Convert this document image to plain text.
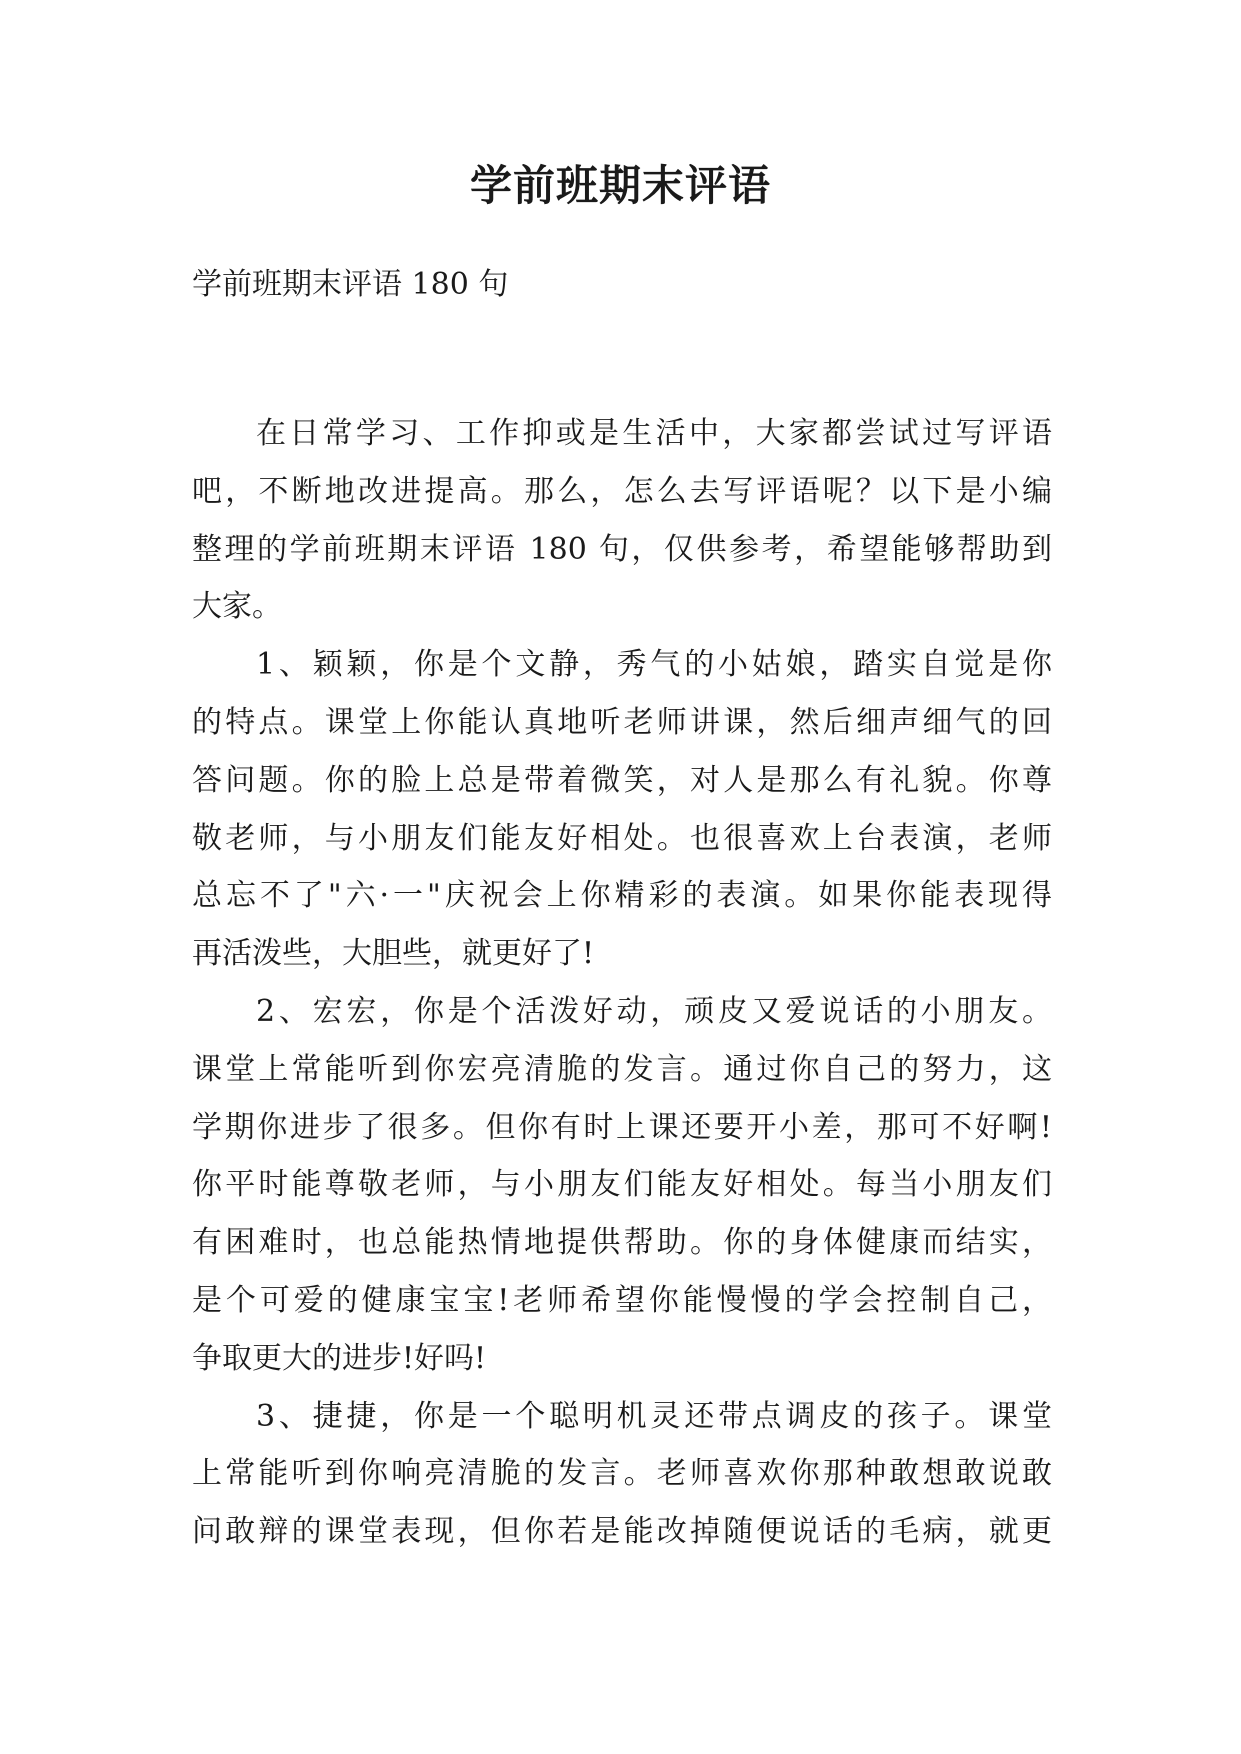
学前班期末评语

学前班期末评语 180 句

在日常学习、工作抑或是生活中，大家都尝试过写评语
吧，不断地改进提高。那么，怎么去写评语呢？以下是小编
整理的学前班期末评语 180 句，仅供参考，希望能够帮助到
大家。

1、颖颖，你是个文静，秀气的小姑娘，踏实自觉是你
的特点。课堂上你能认真地听老师讲课，然后细声细气的回
答问题。你的脸上总是带着微笑，对人是那么有礼貌。你尊
敬老师，与小朋友们能友好相处。也很喜欢上台表演，老师
总忘不了"六·一"庆祝会上你精彩的表演。如果你能表现得
再活泼些，大胆些，就更好了!

2、宏宏，你是个活泼好动，顽皮又爱说话的小朋友。
课堂上常能听到你宏亮清脆的发言。通过你自己的努力，这
学期你进步了很多。但你有时上课还要开小差，那可不好啊!
你平时能尊敬老师，与小朋友们能友好相处。每当小朋友们
有困难时，也总能热情地提供帮助。你的身体健康而结实，
是个可爱的健康宝宝!老师希望你能慢慢的学会控制自己，
争取更大的进步!好吗!

3、捷捷，你是一个聪明机灵还带点调皮的孩子。课堂
上常能听到你响亮清脆的发言。老师喜欢你那种敢想敢说敢
问敢辩的课堂表现，但你若是能改掉随便说话的毛病，就更
